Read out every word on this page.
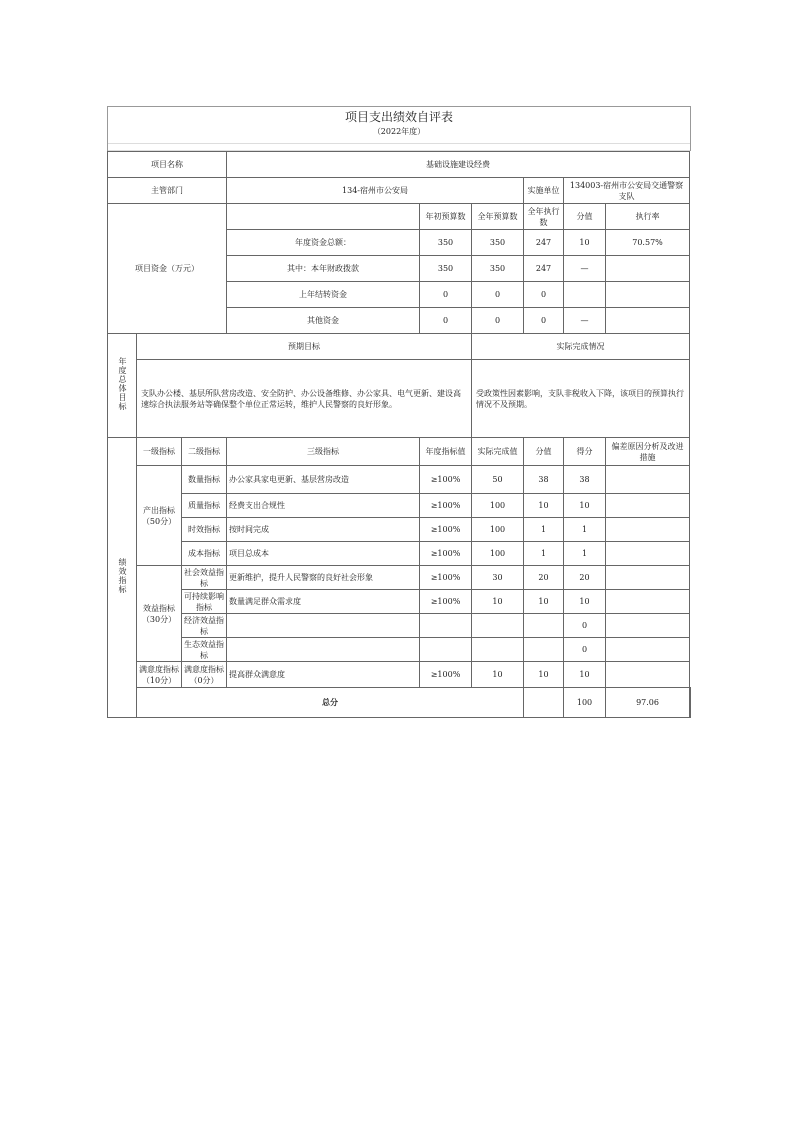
项目支出绩效自评表
（2022年度）
项目名称			基础设施建设经费						
主管部门			134-宿州市公安局			实施单位	134003-宿州市公安局交通警察支队		
项目资金（万元）				年初预算数	全年预算数	全年执行数	分值	执行率	
			年度资金总额：	350	350	247	10	70.57%	
			其中：本年财政拨款	350	350	247	—		
			上年结转资金	0	0	0			
			其他资金	0	0	0	—		
年度总体目标	预期目标				实际完成情况				
	支队办公楼、基层所队营房改造、安全防护、办公设备维修、办公家具、电气更新、建设高速综合执法服务站等确保整个单位正常运转，维护人民警察的良好形象。				受政策性因素影响，支队非税收入下降，该项目的预算执行情况不及预期。				
绩效指标	一级指标	二级指标	三级指标	年度指标值	实际完成值	分值	得分	偏差原因分析及改进措施	
	产出指标（50分）	数量指标	办公家具家电更新、基层营房改造	≥100%	50	38	38		
		质量指标	经费支出合规性	≥100%	100	10	10		
		时效指标	按时间完成	≥100%	100	1	1		
		成本指标	项目总成本	≥100%	100	1	1		
	效益指标（30分）	社会效益指标	更新维护，提升人民警察的良好社会形象	≥100%	30	20	20		
		可持续影响指标	数量满足群众需求度	≥100%	10	10	10		
		经济效益指标					0		
		生态效益指标					0		
	满意度指标（10分）	满意度指标（0分）	提高群众满意度	≥100%	10	10	10		
	总分						100	97.06	
